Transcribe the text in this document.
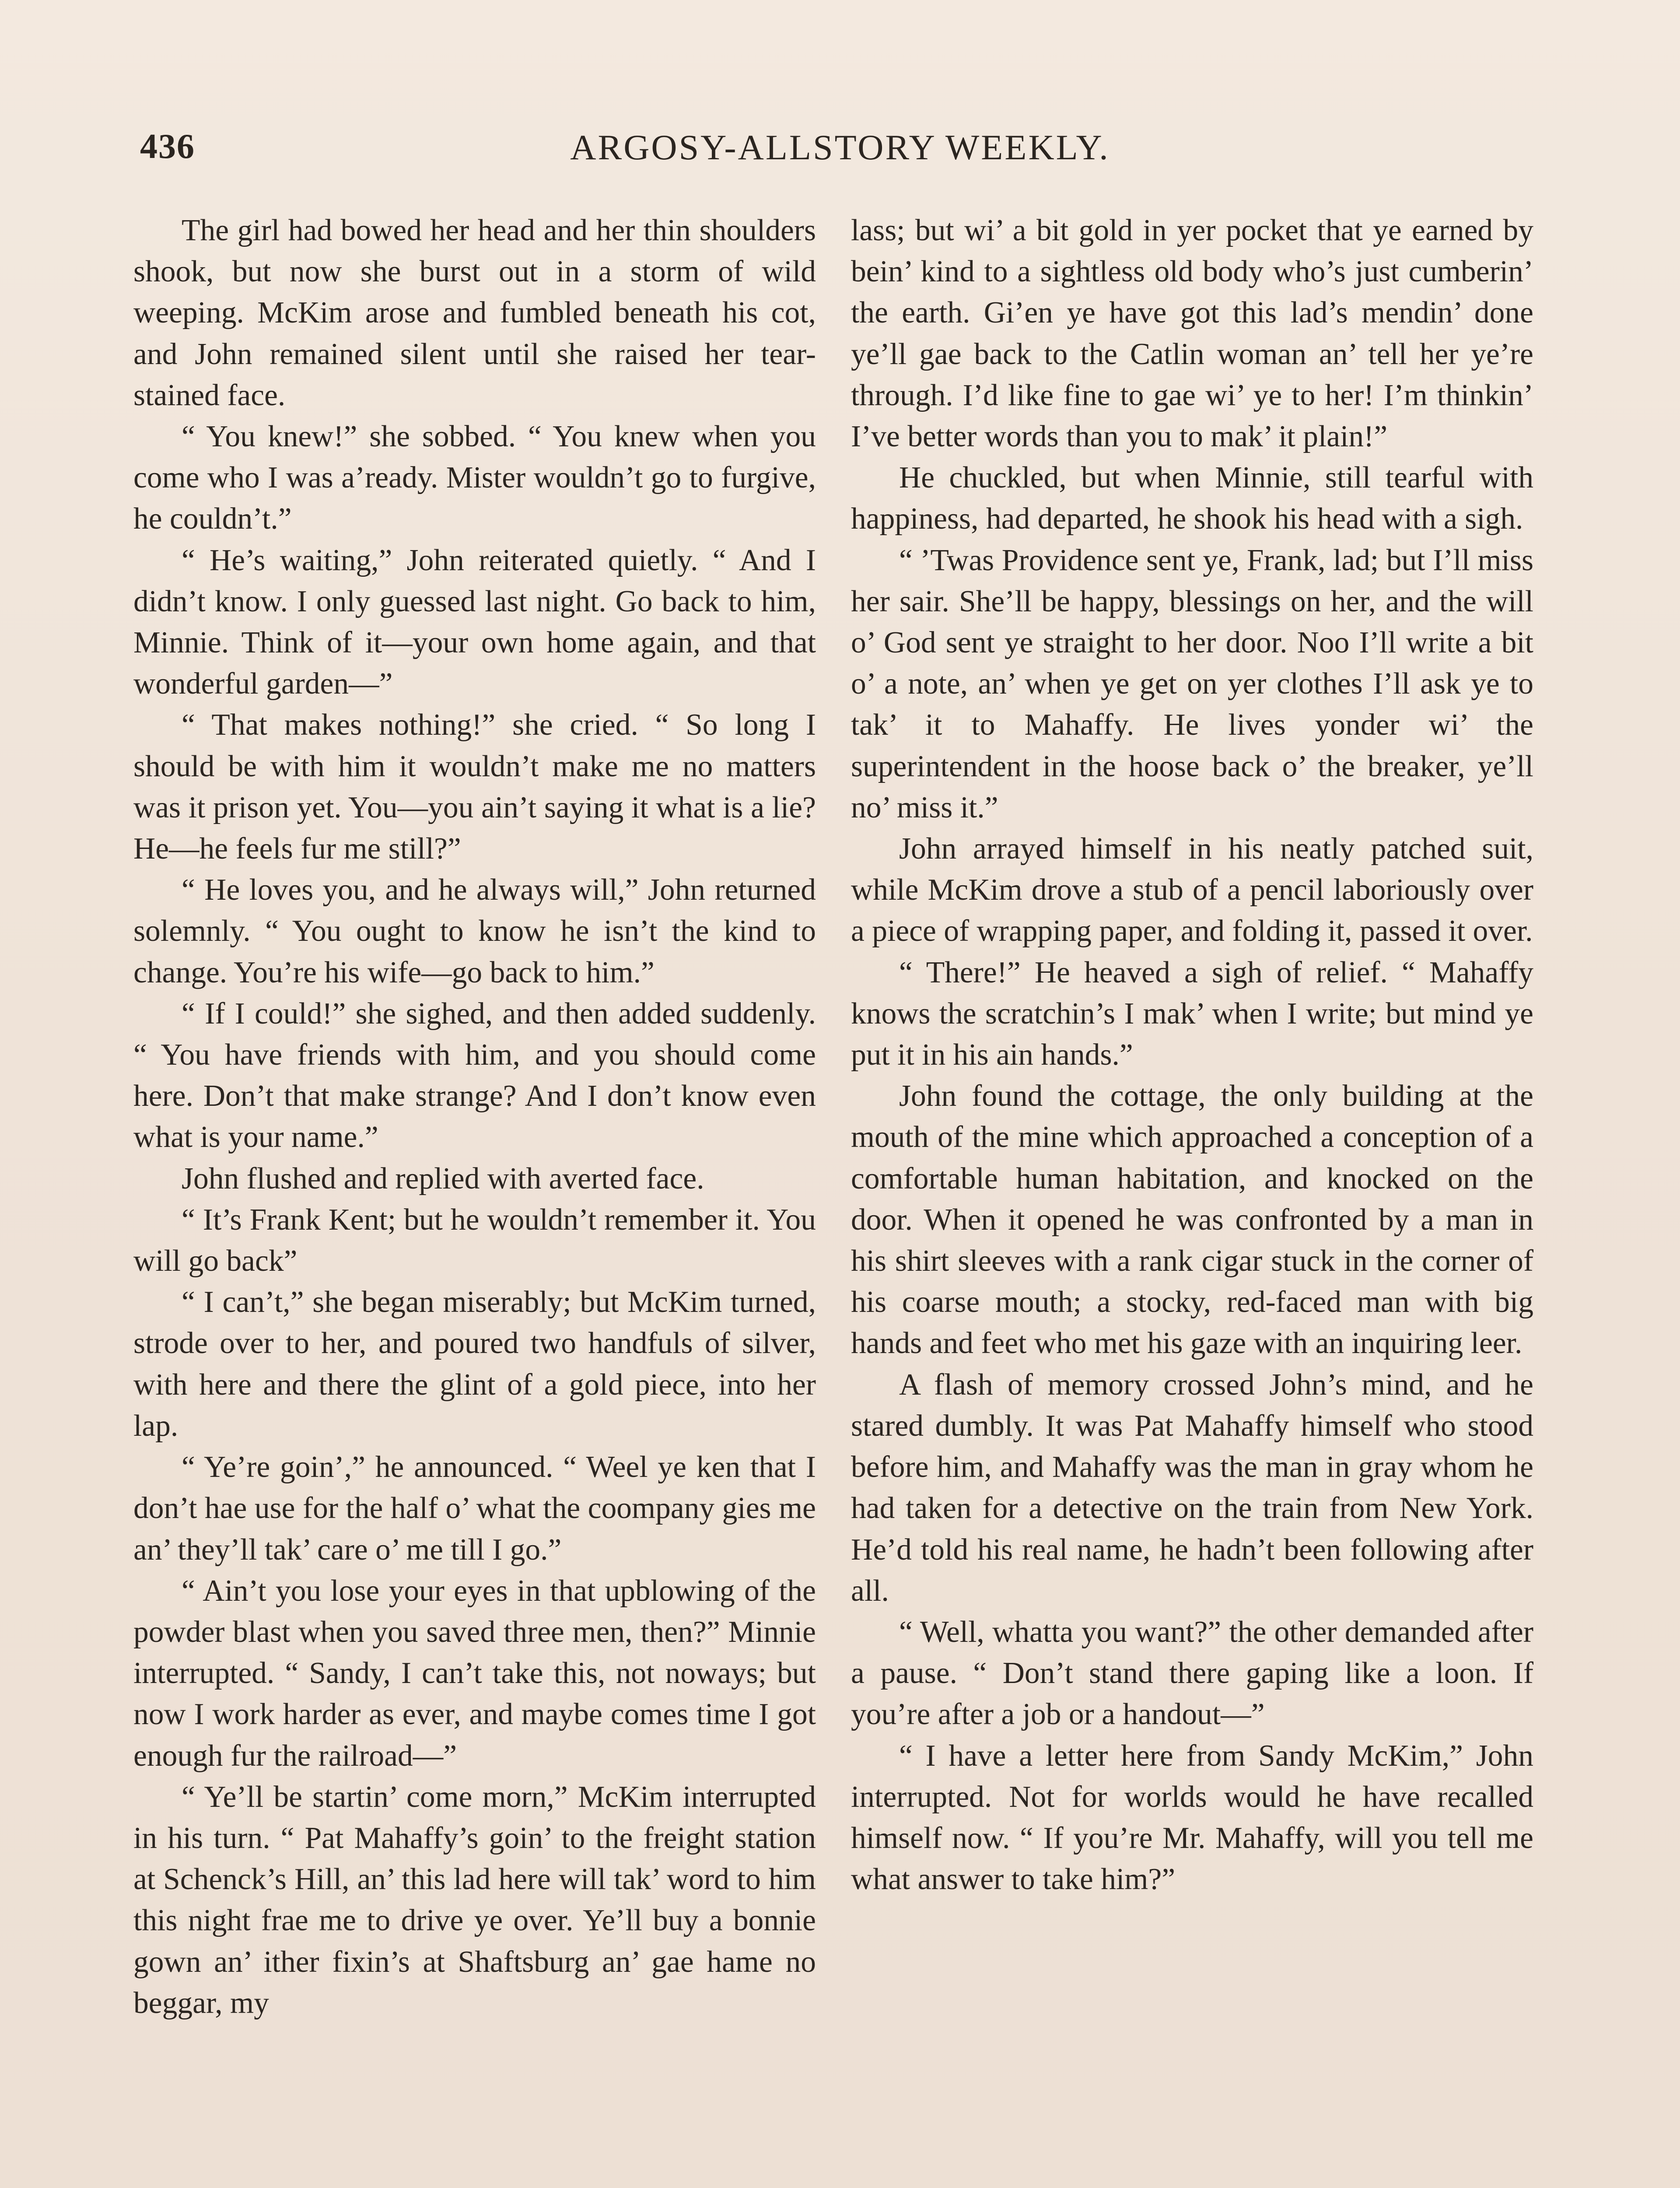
ARGOSY-ALLSTORY WEEKLY.
436

The girl had bowed her head and her thin shoulders shook, but now she burst out in a storm of wild weeping. McKim arose and fumbled beneath his cot, and John remained silent until she raised her tear-stained face.

“ You knew!” she sobbed. “ You knew when you come who I was a’ready. Mister wouldn’t go to furgive, he couldn’t.”

“ He’s waiting,” John reiterated quietly. “ And I didn’t know. I only guessed last night. Go back to him, Minnie. Think of it—your own home again, and that wonderful garden—”

“ That makes nothing!” she cried. “ So long I should be with him it wouldn’t make me no matters was it prison yet. You—you ain’t saying it what is a lie? He—he feels fur me still?”

“ He loves you, and he always will,” John returned solemnly. “ You ought to know he isn’t the kind to change. You’re his wife—go back to him.”

“ If I could!” she sighed, and then added suddenly. “ You have friends with him, and you should come here. Don’t that make strange? And I don’t know even what is your name.”

John flushed and replied with averted face.

“ It’s Frank Kent; but he wouldn’t remember it. You will go back”

“ I can’t,” she began miserably; but McKim turned, strode over to her, and poured two handfuls of silver, with here and there the glint of a gold piece, into her lap.

“ Ye’re goin’,” he announced. “ Weel ye ken that I don’t hae use for the half o’ what the coompany gies me an’ they’ll tak’ care o’ me till I go.”

“ Ain’t you lose your eyes in that upblowing of the powder blast when you saved three men, then?” Minnie interrupted. “ Sandy, I can’t take this, not noways; but now I work harder as ever, and maybe comes time I got enough fur the railroad—”

“ Ye’ll be startin’ come morn,” McKim interrupted in his turn. “ Pat Mahaffy’s goin’ to the freight station at Schenck’s Hill, an’ this lad here will tak’ word to him this night frae me to drive ye over. Ye’ll buy a bonnie gown an’ ither fixin’s at Shaftsburg an’ gae hame no beggar, my

lass; but wi’ a bit gold in yer pocket that ye earned by bein’ kind to a sightless old body who’s just cumberin’ the earth. Gi’en ye have got this lad’s mendin’ done ye’ll gae back to the Catlin woman an’ tell her ye’re through. I’d like fine to gae wi’ ye to her! I’m thinkin’ I’ve better words than you to mak’ it plain!”

He chuckled, but when Minnie, still tearful with happiness, had departed, he shook his head with a sigh.

“ ’Twas Providence sent ye, Frank, lad; but I’ll miss her sair. She’ll be happy, blessings on her, and the will o’ God sent ye straight to her door. Noo I’ll write a bit o’ a note, an’ when ye get on yer clothes I’ll ask ye to tak’ it to Mahaffy. He lives yonder wi’ the superintendent in the hoose back o’ the breaker, ye’ll no’ miss it.”

John arrayed himself in his neatly patched suit, while McKim drove a stub of a pencil laboriously over a piece of wrapping paper, and folding it, passed it over.

“ There!” He heaved a sigh of relief. “ Mahaffy knows the scratchin’s I mak’ when I write; but mind ye put it in his ain hands.”

John found the cottage, the only building at the mouth of the mine which approached a conception of a comfortable human habitation, and knocked on the door. When it opened he was confronted by a man in his shirt sleeves with a rank cigar stuck in the corner of his coarse mouth; a stocky, red-faced man with big hands and feet who met his gaze with an inquiring leer.

A flash of memory crossed John’s mind, and he stared dumbly. It was Pat Mahaffy himself who stood before him, and Mahaffy was the man in gray whom he had taken for a detective on the train from New York. He’d told his real name, he hadn’t been following after all.

“ Well, whatta you want?” the other demanded after a pause. “ Don’t stand there gaping like a loon. If you’re after a job or a handout—”

“ I have a letter here from Sandy McKim,” John interrupted. Not for worlds would he have recalled himself now. “ If you’re Mr. Mahaffy, will you tell me what answer to take him?”
